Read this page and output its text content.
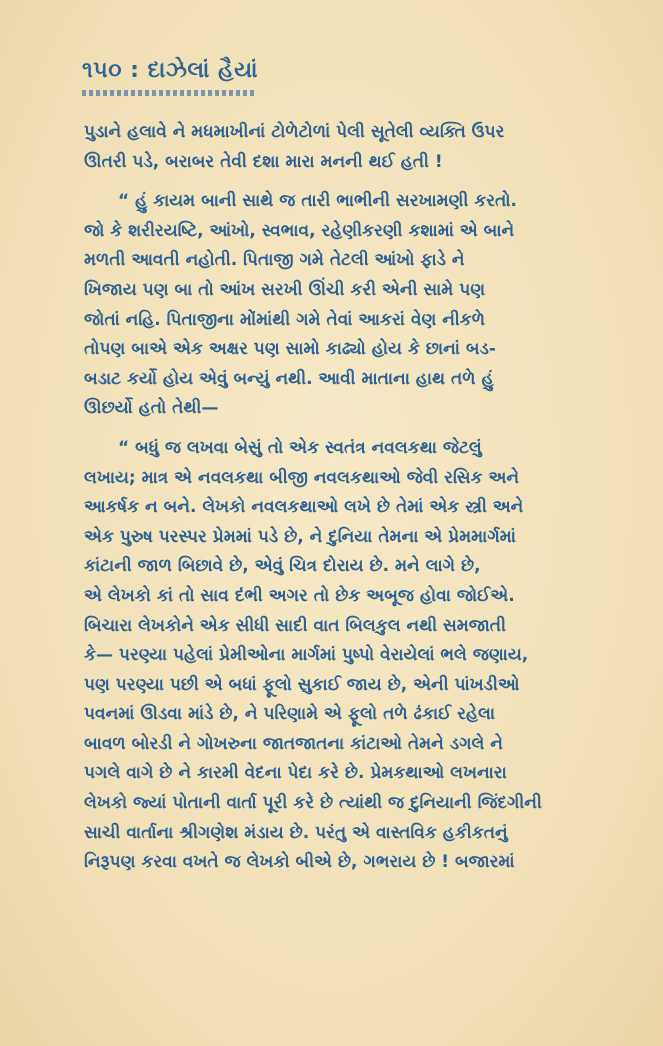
૧૫૦ : દાઝેલાં હૈયાં

પુડાને હલાવે ને મધમાખીનાં ટોળેટોળાં પેલી સૂતેલી વ્યક્તિ ઉપર
ઊતરી પડે, બરાબર તેવી દશા મારા મનની થઈ હતી !

“ હું કાયમ બાની સાથે જ તારી ભાભીની સરખામણી કરતો.
જો કે શરીરયષ્ટિ, આંખો, સ્વભાવ, રહેણીકરણી કશામાં એ બાને
મળતી આવતી નહોતી. પિતાજી ગમે તેટલી આંખો ફાડે ને
ખિજાય પણ બા તો આંખ સરખી ઊંચી કરી એની સામે પણ
જોતાં નહિ. પિતાજીના મોંમાંથી ગમે તેવાં આકરાં વેણ નીકળે
તોપણ બાએ એક અક્ષર પણ સામો કાઢ્યો હોય કે છાનાં બડ-
બડાટ કર્યો હોય એવું બન્યું નથી. આવી માતાના હાથ તળે હું
ઊછર્યો હતો તેથી—

“ બધું જ લખવા બેસું તો એક સ્વતંત્ર નવલકથા જેટલું
લખાય; માત્ર એ નવલકથા બીજી નવલકથાઓ જેવી રસિક અને
આકર્ષક ન બને. લેખકો નવલકથાઓ લખે છે તેમાં એક સ્ત્રી અને
એક પુરુષ પરસ્પર પ્રેમમાં પડે છે, ને દુનિયા તેમના એ પ્રેમમાર્ગમાં
કાંટાની જાળ બિછાવે છે, એવું ચિત્ર દોરાય છે. મને લાગે છે,
એ લેખકો કાં તો સાવ દંભી અગર તો છેક અબૂજ હોવા જોઈએ.
બિચારા લેખકોને એક સીધી સાદી વાત બિલકુલ નથી સમજાતી
કે— પરણ્યા પહેલાં પ્રેમીઓના માર્ગમાં પુષ્પો વેરાયેલાં ભલે જણાય,
પણ પરણ્યા પછી એ બધાં ફૂલો સુકાઈ જાય છે, એની પાંખડીઓ
પવનમાં ઊડવા માંડે છે, ને પરિણામે એ ફૂલો તળે ઢંકાઈ રહેલા
બાવળ બોરડી ને ગોખરુના જાતજાતના કાંટાઓ તેમને ડગલે ને
પગલે વાગે છે ને કારમી વેદના પેદા કરે છે. પ્રેમકથાઓ લખનારા
લેખકો જ્યાં પોતાની વાર્તા પૂરી કરે છે ત્યાંથી જ દુનિયાની જિંદગીની
સાચી વાર્તાના શ્રીગણેશ મંડાય છે. પરંતુ એ વાસ્તવિક હકીકતનું
નિરૂપણ કરવા વખતે જ લેખકો બીએ છે, ગભરાય છે ! બજારમાં
